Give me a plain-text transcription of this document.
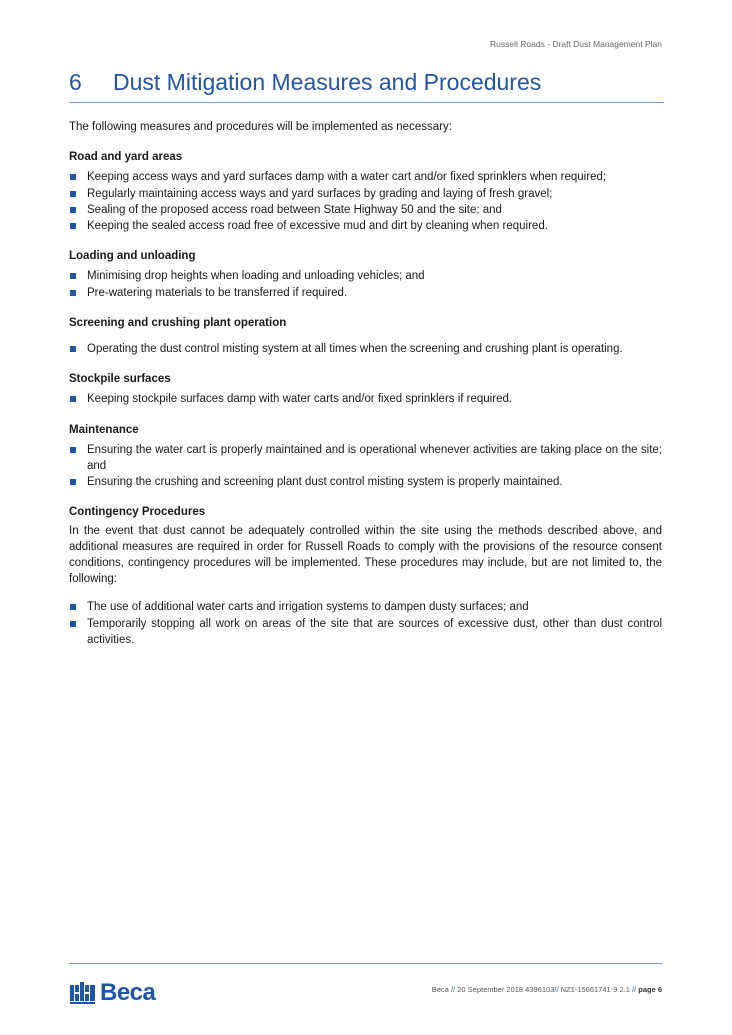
Russell Roads - Draft Dust Management Plan
6 Dust Mitigation Measures and Procedures

The following measures and procedures will be implemented as necessary:

Road and yard areas
Keeping access ways and yard surfaces damp with a water cart and/or fixed sprinklers when required;
Regularly maintaining access ways and yard surfaces by grading and laying of fresh gravel;
Sealing of the proposed access road between State Highway 50 and the site; and
Keeping the sealed access road free of excessive mud and dirt by cleaning when required.
Loading and unloading
Minimising drop heights when loading and unloading vehicles; and
Pre-watering materials to be transferred if required.
Screening and crushing plant operation
Operating the dust control misting system at all times when the screening and crushing plant is operating.
Stockpile surfaces
Keeping stockpile surfaces damp with water carts and/or fixed sprinklers if required.
Maintenance
Ensuring the water cart is properly maintained and is operational whenever activities are taking place on the site; and
Ensuring the crushing and screening plant dust control misting system is properly maintained.
Contingency Procedures

In the event that dust cannot be adequately controlled within the site using the methods described above, and additional measures are required in order for Russell Roads to comply with the provisions of the resource consent conditions, contingency procedures will be implemented. These procedures may include, but are not limited to, the following:

The use of additional water carts and irrigation systems to dampen dusty surfaces; and
Temporarily stopping all work on areas of the site that are sources of excessive dust, other than dust control activities.
Beca	Beca // 20 September 2018 4396103// NZ1-15661741-9 2.1 // page 6
